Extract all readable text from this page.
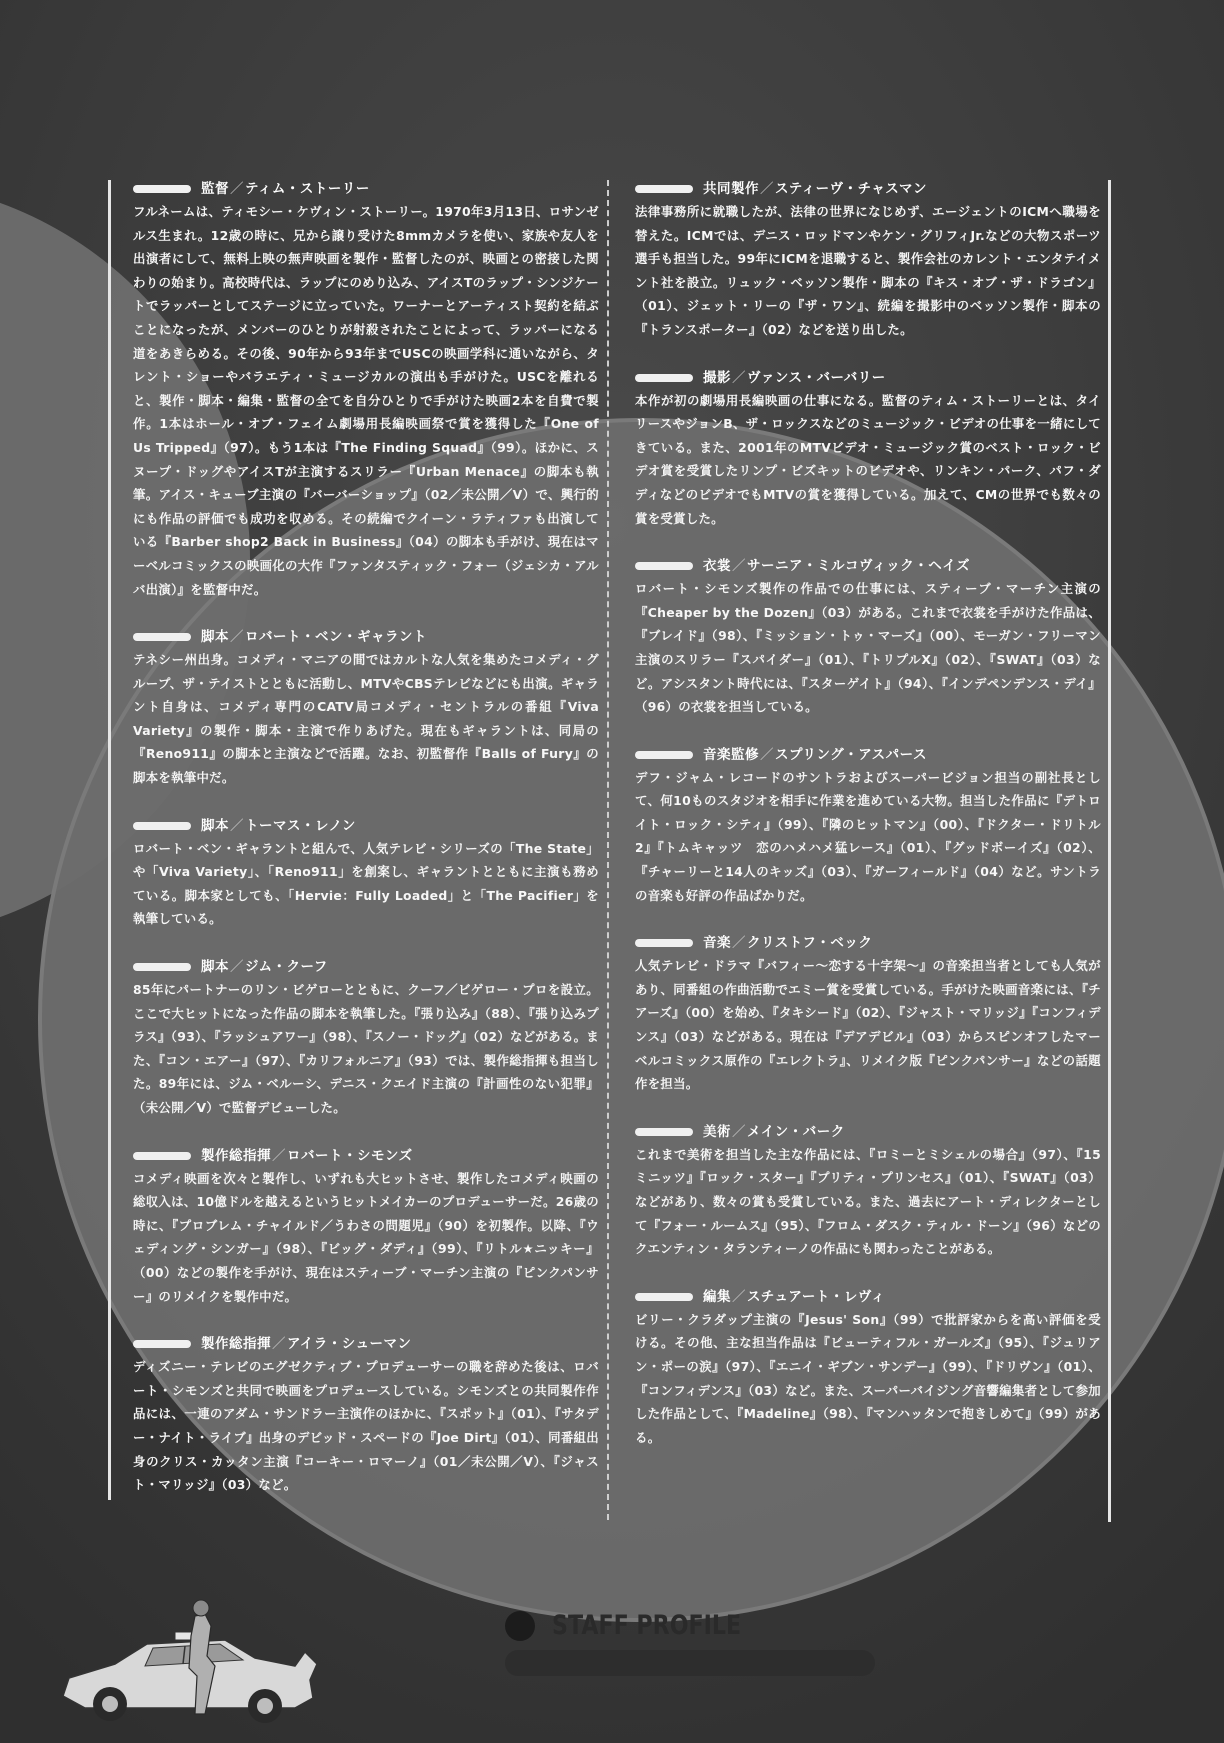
監督 ／ ティム・ストーリー
フルネームは、ティモシー・ケヴィン・ストーリー。1970年3月13日、ロサンゼルス生まれ。12歳の時に、兄から譲り受けた8mmカメラを使い、家族や友人を出演者にして、無料上映の無声映画を製作・監督したのが、映画との密接した関わりの始まり。高校時代は、ラップにのめり込み、アイスTのラップ・シンジケートでラッパーとしてステージに立っていた。ワーナーとアーティスト契約を結ぶことになったが、メンバーのひとりが射殺されたことによって、ラッパーになる道をあきらめる。その後、90年から93年までUSCの映画学科に通いながら、タレント・ショーやバラエティ・ミュージカルの演出も手がけた。USCを離れると、製作・脚本・編集・監督の全てを自分ひとりで手がけた映画2本を自費で製作。1本はホール・オブ・フェイム劇場用長編映画祭で賞を獲得した『One of Us Tripped』（97）。もう1本は『The Finding Squad』（99）。ほかに、スヌープ・ドッグやアイスTが主演するスリラー『Urban Menace』の脚本も執筆。アイス・キューブ主演の『バーバーショップ』（02／未公開／V）で、興行的にも作品の評価でも成功を収める。その続編でクイーン・ラティファも出演している『Barber shop2 Back in Business』（04）の脚本も手がけ、現在はマーベルコミックスの映画化の大作『ファンタスティック・フォー（ジェシカ・アルバ出演）』を監督中だ。
脚本 ／ ロバート・ベン・ギャラント
テネシー州出身。コメディ・マニアの間ではカルトな人気を集めたコメディ・グループ、ザ・テイストとともに活動し、MTVやCBSテレビなどにも出演。ギャラント自身は、コメディ専門のCATV局コメディ・セントラルの番組『Viva Variety』の製作・脚本・主演で作りあげた。現在もギャラントは、同局の『Reno911』の脚本と主演などで活躍。なお、初監督作『Balls of Fury』の脚本を執筆中だ。
脚本 ／ トーマス・レノン
ロバート・ベン・ギャラントと組んで、人気テレビ・シリーズの「The State」や「Viva Variety」、「Reno911」を創案し、ギャラントとともに主演も務めている。脚本家としても、「Hervie：Fully Loaded」と「The Pacifier」を執筆している。
脚本 ／ ジム・クーフ
85年にパートナーのリン・ビゲローとともに、クーフ／ビゲロー・プロを設立。ここで大ヒットになった作品の脚本を執筆した。『張り込み』（88）、『張り込みプラス』（93）、『ラッシュアワー』（98）、『スノー・ドッグ』（02）などがある。また、『コン・エアー』（97）、『カリフォルニア』（93）では、製作総指揮も担当した。89年には、ジム・ベルーシ、デニス・クエイド主演の『計画性のない犯罪』（未公開／V）で監督デビューした。
製作総指揮 ／ ロバート・シモンズ
コメディ映画を次々と製作し、いずれも大ヒットさせ、製作したコメディ映画の総収入は、10億ドルを越えるというヒットメイカーのプロデューサーだ。26歳の時に、『プロブレム・チャイルド／うわさの問題児』（90）を初製作。以降、『ウェディング・シンガー』（98）、『ビッグ・ダディ』（99）、『リトル★ニッキー』（00）などの製作を手がけ、現在はスティーブ・マーチン主演の『ピンクパンサー』のリメイクを製作中だ。
製作総指揮 ／ アイラ・シューマン
ディズニー・テレビのエグゼクティブ・プロデューサーの職を辞めた後は、ロバート・シモンズと共同で映画をプロデュースしている。シモンズとの共同製作作品には、一連のアダム・サンドラー主演作のほかに、『スポット』（01）、『サタデー・ナイト・ライブ』出身のデビッド・スペードの『Joe Dirt』（01）、同番組出身のクリス・カッタン主演『コーキー・ロマーノ』（01／未公開／V）、『ジャスト・マリッジ』（03）など。
共同製作 ／ スティーヴ・チャスマン
法律事務所に就職したが、法律の世界になじめず、エージェントのICMへ職場を替えた。ICMでは、デニス・ロッドマンやケン・グリフィJr.などの大物スポーツ選手も担当した。99年にICMを退職すると、製作会社のカレント・エンタテイメント社を設立。リュック・ベッソン製作・脚本の『キス・オブ・ザ・ドラゴン』（01）、ジェット・リーの『ザ・ワン』、続編を撮影中のベッソン製作・脚本の『トランスポーター』（02）などを送り出した。
撮影 ／ ヴァンス・バーバリー
本作が初の劇場用長編映画の仕事になる。監督のティム・ストーリーとは、タイリースやジョンB、ザ・ロックスなどのミュージック・ビデオの仕事を一緒にしてきている。また、2001年のMTVビデオ・ミュージック賞のベスト・ロック・ビデオ賞を受賞したリンプ・ビズキットのビデオや、リンキン・パーク、パフ・ダディなどのビデオでもMTVの賞を獲得している。加えて、CMの世界でも数々の賞を受賞した。
衣裳 ／ サーニア・ミルコヴィック・ヘイズ
ロバート・シモンズ製作の作品での仕事には、スティーブ・マーチン主演の『Cheaper by the Dozen』（03）がある。これまで衣裳を手がけた作品は、『ブレイド』（98）、『ミッション・トゥ・マーズ』（00）、モーガン・フリーマン主演のスリラー『スパイダー』（01）、『トリプルX』（02）、『SWAT』（03）など。アシスタント時代には、『スターゲイト』（94）、『インデペンデンス・デイ』（96）の衣裳を担当している。
音楽監修 ／ スプリング・アスパース
デフ・ジャム・レコードのサントラおよびスーパービジョン担当の副社長として、何10ものスタジオを相手に作業を進めている大物。担当した作品に『デトロイト・ロック・シティ』（99）、『隣のヒットマン』（00）、『ドクター・ドリトル2』『トムキャッツ　恋のハメハメ猛レース』（01）、『グッドボーイズ』（02）、『チャーリーと14人のキッズ』（03）、『ガーフィールド』（04）など。サントラの音楽も好評の作品ばかりだ。
音楽 ／ クリストフ・ベック
人気テレビ・ドラマ『バフィー～恋する十字架～』の音楽担当者としても人気があり、同番組の作曲活動でエミー賞を受賞している。手がけた映画音楽には、『チアーズ』（00）を始め、『タキシード』（02）、『ジャスト・マリッジ』『コンフィデンス』（03）などがある。現在は『デアデビル』（03）からスピンオフしたマーベルコミックス原作の『エレクトラ』、リメイク版『ピンクパンサー』などの話題作を担当。
美術 ／ メイン・バーク
これまで美術を担当した主な作品には、『ロミーとミシェルの場合』（97）、『15ミニッツ』『ロック・スター』『プリティ・プリンセス』（01）、『SWAT』（03）などがあり、数々の賞も受賞している。また、過去にアート・ディレクターとして『フォー・ルームス』（95）、『フロム・ダスク・ティル・ドーン』（96）などのクエンティン・タランティーノの作品にも関わったことがある。
編集 ／ スチュアート・レヴィ
ビリー・クラダップ主演の『Jesus' Son』（99）で批評家からを高い評価を受ける。その他、主な担当作品は『ビューティフル・ガールズ』（95）、『ジュリアン・ポーの涙』（97）、『エニイ・ギブン・サンデー』（99）、『ドリヴン』（01）、『コンフィデンス』（03）など。また、スーパーバイジング音響編集者として参加した作品として、『Madeline』（98）、『マンハッタンで抱きしめて』（99）がある。
STAFF PROFILE
